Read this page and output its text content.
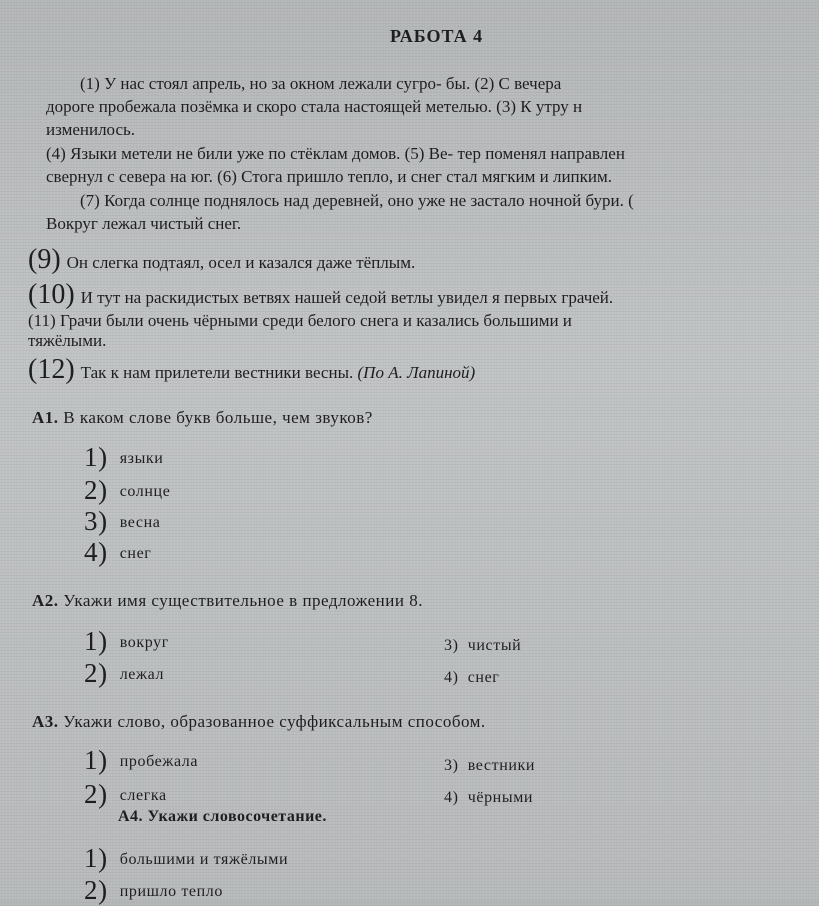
РАБОТА 4
(1) У нас стоял апрель, но за окном лежали сугро- бы. (2) С вечера
дороге пробежала позёмка и скоро стала настоящей метелью. (3) К утру н
изменилось.
(4) Языки метели не били уже по стёклам домов. (5) Ве- тер поменял направлен
свернул с севера на юг. (6) Стога пришло тепло, и снег стал мягким и липким.
(7) Когда солнце поднялось над деревней, оно уже не застало ночной бури. (
Вокруг лежал чистый снег.
(9) Он слегка подтаял, осел и казался даже тёплым.
(10) И тут на раскидистых ветвях нашей седой ветлы увидел я первых грачей.
(11) Грачи были очень чёрными среди белого снега и казались большими и
тяжёлыми.
(12) Так к нам прилетели вестники весны. (По А. Лапиной)
А1. В каком слове букв больше, чем звуков?
1) языки
2) солнце
3) весна
4) снег
А2. Укажи имя существительное в предложении 8.
1) вокруг
2) лежал
3) чистый
4) снег
А3. Укажи слово, образованное суффиксальным способом.
1) пробежала
2) слегка
3) вестники
4) чёрными
А4. Укажи словосочетание.
1) большими и тяжёлыми
2) пришло тепло
